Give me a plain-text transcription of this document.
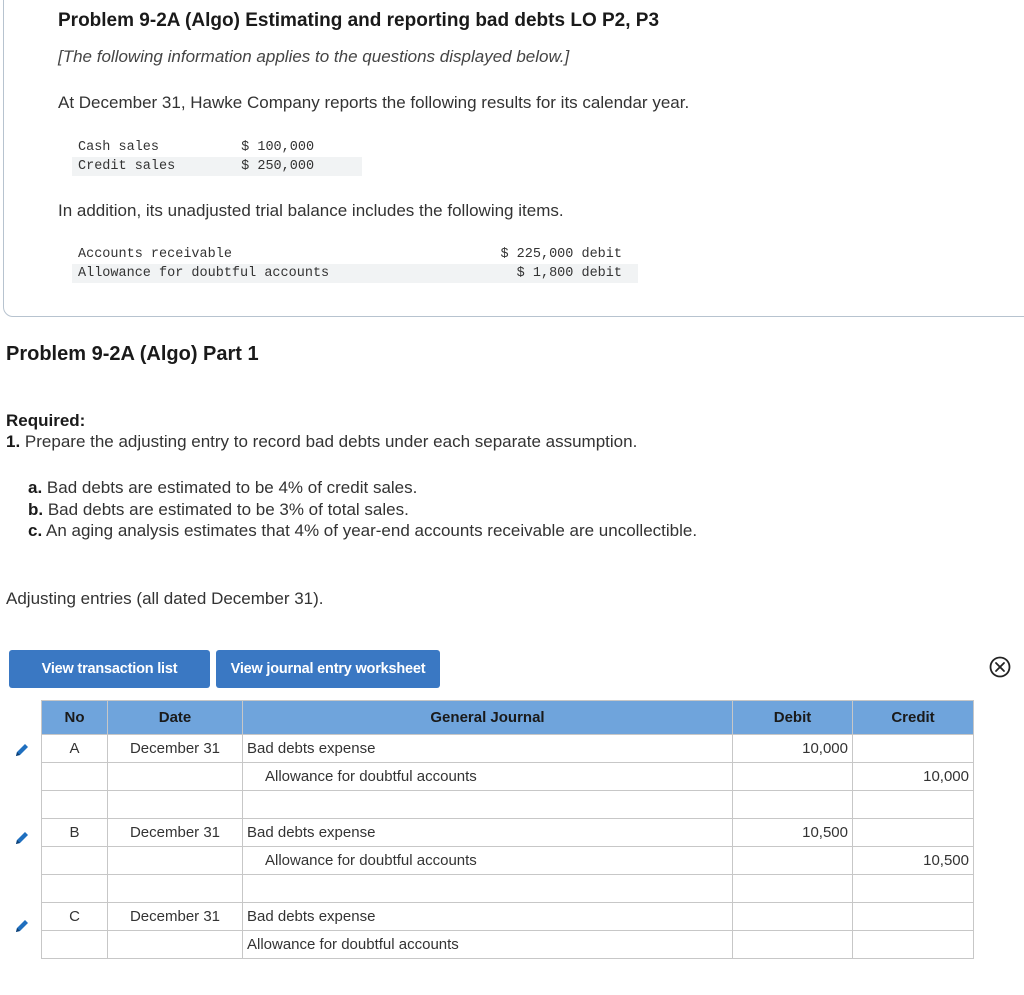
Problem 9-2A (Algo) Estimating and reporting bad debts LO P2, P3
[The following information applies to the questions displayed below.]
At December 31, Hawke Company reports the following results for its calendar year.
Cash sales	$ 100,000
Credit sales	$ 250,000
In addition, its unadjusted trial balance includes the following items.
Accounts receivable	$ 225,000 debit
Allowance for doubtful accounts	$ 1,800 debit
Problem 9-2A (Algo) Part 1
Required:
1. Prepare the adjusting entry to record bad debts under each separate assumption.
a. Bad debts are estimated to be 4% of credit sales.
b. Bad debts are estimated to be 3% of total sales.
c. An aging analysis estimates that 4% of year-end accounts receivable are uncollectible.
Adjusting entries (all dated December 31).
View transaction list	View journal entry worksheet
No	Date	General Journal	Debit	Credit
A	December 31	Bad debts expense	10,000	
		Allowance for doubtful accounts		10,000

B	December 31	Bad debts expense	10,500	
		Allowance for doubtful accounts		10,500

C	December 31	Bad debts expense		
		Allowance for doubtful accounts		
